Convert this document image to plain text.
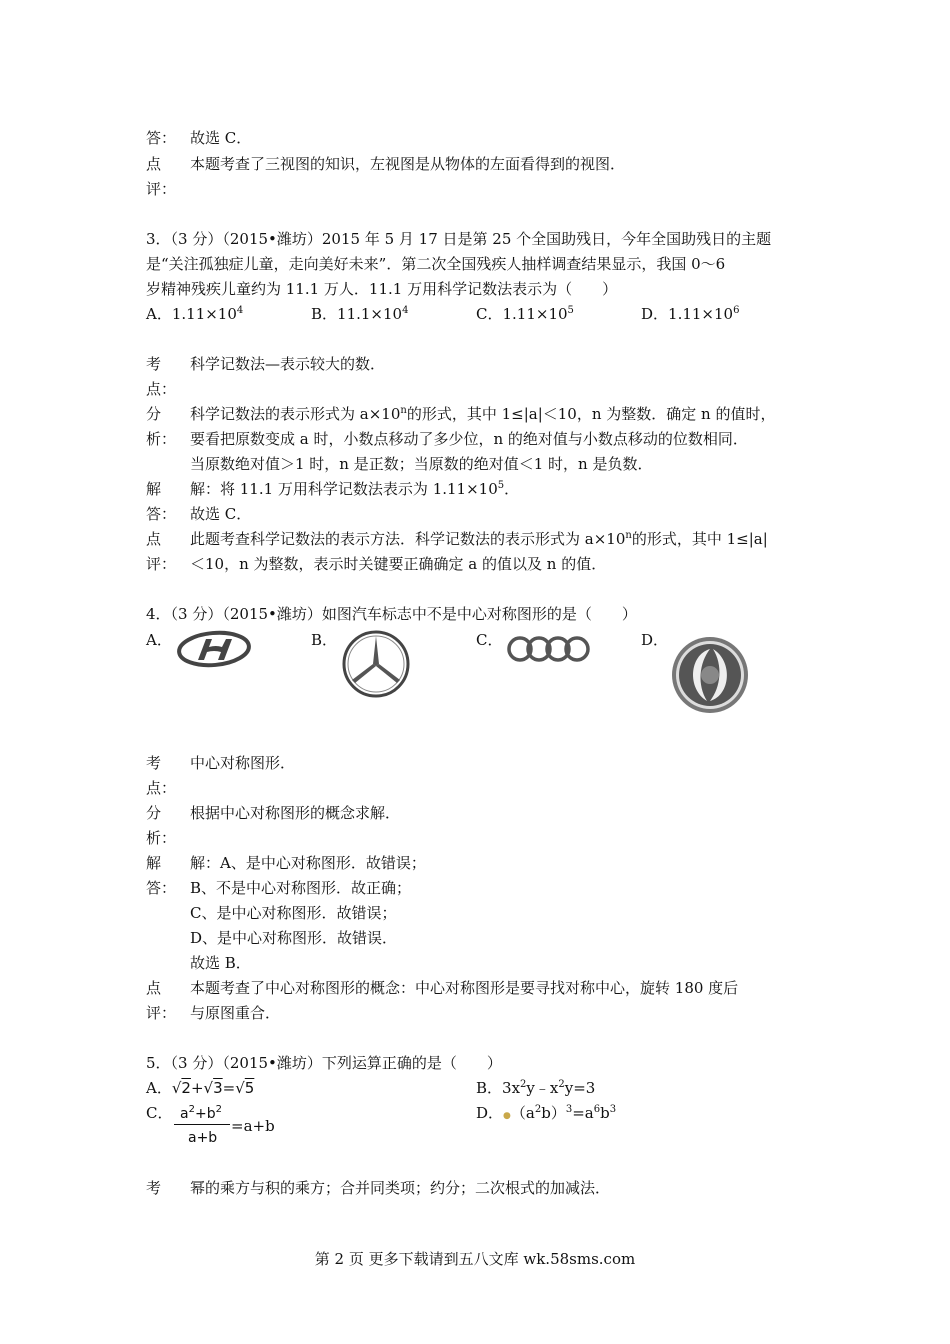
答： 故选 C．
点 本题考查了三视图的知识，左视图是从物体的左面看得到的视图．
评：
3．（3 分）（2015•潍坊）2015 年 5 月 17 日是第 25 个全国助残日，今年全国助残日的主题
是“关注孤独症儿童，走向美好未来”．第二次全国残疾人抽样调查结果显示，我国 0～6
岁精神残疾儿童约为 11.1 万人．11.1 万用科学记数法表示为（　　）
A．$1.11\times 10^4$	B．$11.1\times 10^4$	C．$1.11\times 10^5$	D．$1.11\times 10^6$
考 科学记数法—表示较大的数．
点：
分 科学记数法的表示形式为 $a\times 10^n$的形式，其中 1≤|a|＜10，n 为整数．确定 n 的值时，
析： 要看把原数变成 a 时，小数点移动了多少位，n 的绝对值与小数点移动的位数相同．
当原数绝对值＞1 时，n 是正数；当原数的绝对值＜1 时，n 是负数．
解 解：将 11.1 万用科学记数法表示为 $1.11\times 10^5$．
答： 故选 C．
点 此题考查科学记数法的表示方法．科学记数法的表示形式为 $a\times 10^n$的形式，其中 1≤|a|
评： ＜10，n 为整数，表示时关键要正确确定 a 的值以及 n 的值．
4．（3 分）（2015•潍坊）如图汽车标志中不是中心对称图形的是（　　）
A．	B．	C．	D．
考 中心对称图形．
点：
分 根据中心对称图形的概念求解．
析：
解 解：A、是中心对称图形．故错误；
答： B、不是中心对称图形．故正确；
C、是中心对称图形．故错误；
D、是中心对称图形．故错误．
故选 B．
点 本题考查了中心对称图形的概念：中心对称图形是要寻找对称中心，旋转 180 度后
评： 与原图重合．
5．（3 分）（2015•潍坊）下列运算正确的是（　　）
A．√2+√3=√5	B．$3x^2y﹣x^2y=3$
C． $a^2+b^2$
a+b
=a+b
D．$●(a^2b)^3=a^6b^3$
考 幂的乘方与积的乘方；合并同类项；约分；二次根式的加减法．
第 2 页 更多下载请到五八文库 wk.58sms.com
